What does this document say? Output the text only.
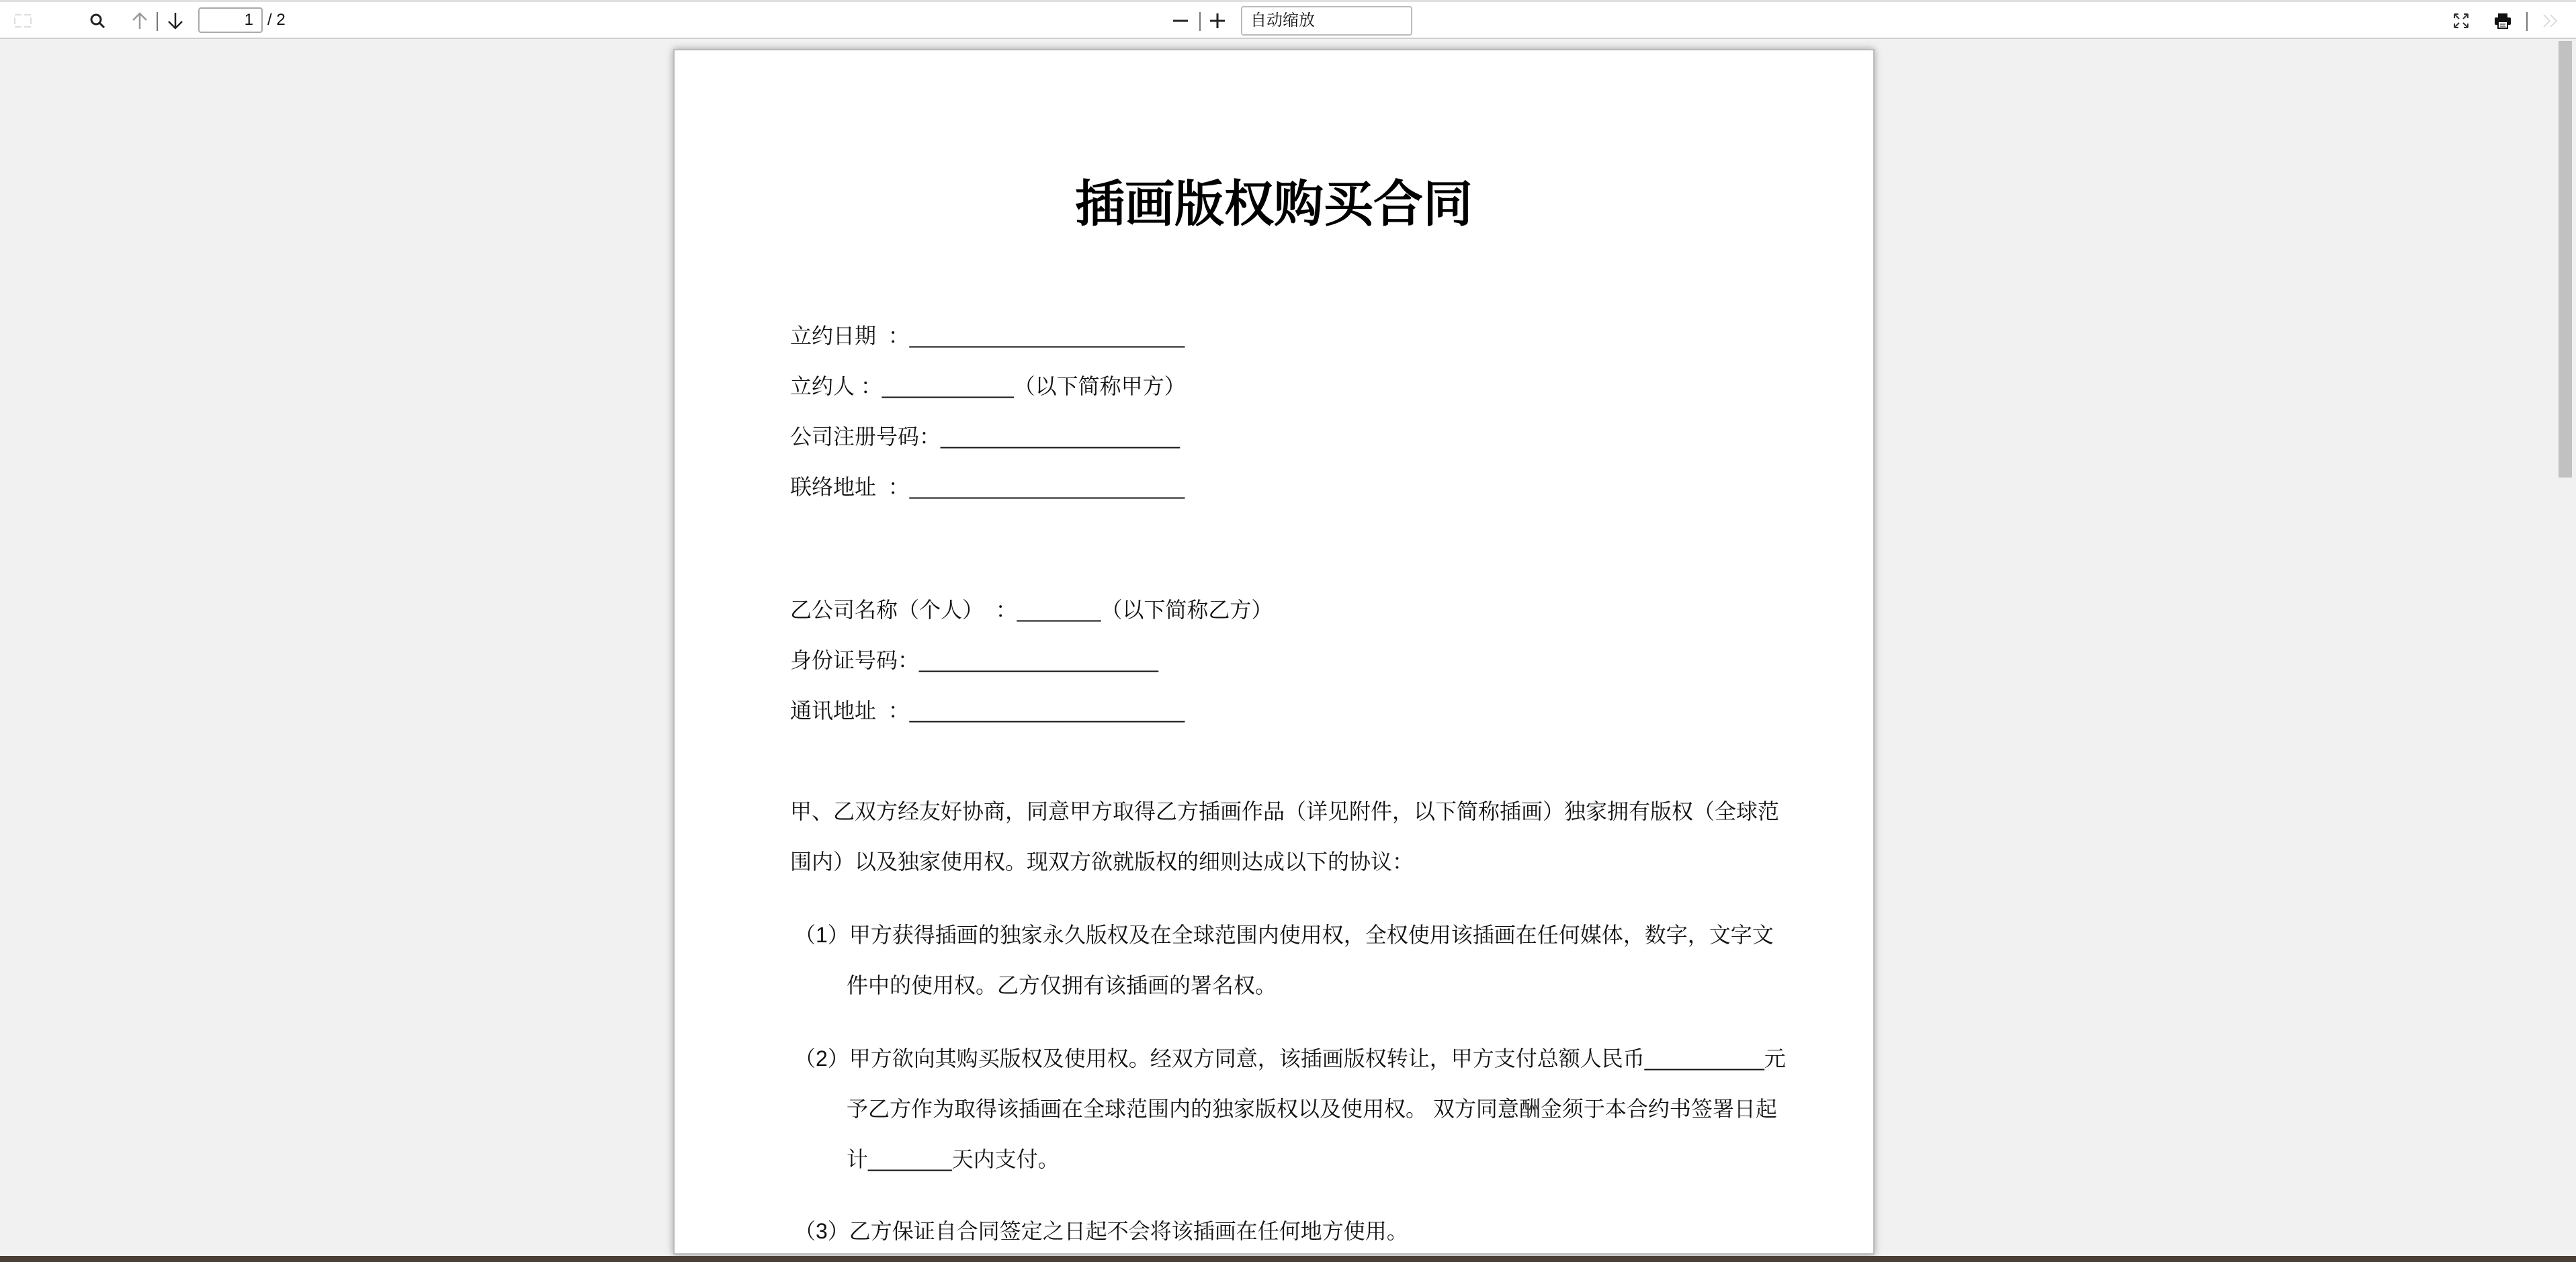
1 / 2	自动缩放
插画版权购买合同
立约日期  ：_______________________
立约人 ：___________（以下简称甲方）
公司注册号码：____________________
联络地址  ：_______________________
乙公司名称（个人）  ：_______（以下简称乙方）
身份证号码：____________________
通讯地址  ：_______________________
甲、乙双方经友好协商，同意甲方取得乙方插画作品（详见附件，以下简称插画）独家拥有版权（全球范
围内）以及独家使用权。现双方欲就版权的细则达成以下的协议：
（1）甲方获得插画的独家永久版权及在全球范围内使用权，全权使用该插画在任何媒体，数字，文字文
件中的使用权。乙方仅拥有该插画的署名权。
（2）甲方欲向其购买版权及使用权。经双方同意，该插画版权转让，甲方支付总额人民币__________元
予乙方作为取得该插画在全球范围内的独家版权以及使用权。 双方同意酬金须于本合约书签署日起
计_______天内支付。
（3）乙方保证自合同签定之日起不会将该插画在任何地方使用。
